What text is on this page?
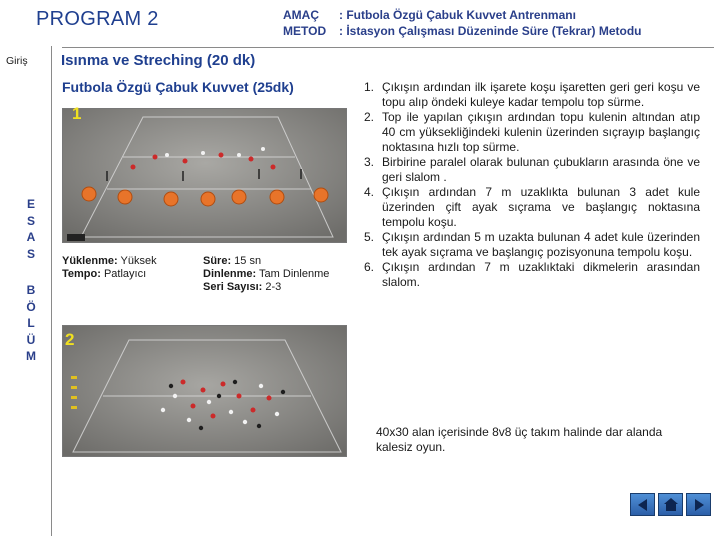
PROGRAM 2	AMAÇ	: Futbola Özgü Çabuk Kuvvet Antrenmanı
METOD	: İstasyon Çalışması Düzeninde Süre (Tekrar) Metodu
Giriş
E
S
A
S
B
Ö
L
Ü
M
Isınma ve Streching (20 dk)
Futbola Özgü Çabuk Kuvvet (25dk)
1
Yüklenme: Yüksek
Tempo: Patlayıcı
Süre: 15 sn
Dinlenme: Tam Dinlenme
Seri Sayısı: 2-3
2
1. Çıkışın ardından ilk işarete koşu işaretten geri geri koşu ve topu alıp öndeki kuleye kadar tempolu top sürme.
2. Top ile yapılan çıkışın ardından topu kulenin altından atıp 40 cm yüksekliğindeki kulenin üzerinden sıçrayıp başlangıç noktasına hızlı top sürme.
3. Birbirine paralel olarak bulunan çubukların arasında öne ve geri slalom .
4. Çıkışın ardından 7 m uzaklıkta bulunan 3 adet kule üzerinden çift ayak sıçrama ve başlangıç noktasına tempolu koşu.
5. Çıkışın ardından 5 m uzakta bulunan 4 adet kule üzerinden tek ayak sıçrama ve başlangıç pozisyonuna tempolu koşu.
6. Çıkışın ardından 7 m uzaklıktaki dikmelerin arasından slalom.
40x30 alan içerisinde 8v8 üç takım halinde dar alanda kalesiz oyun.
